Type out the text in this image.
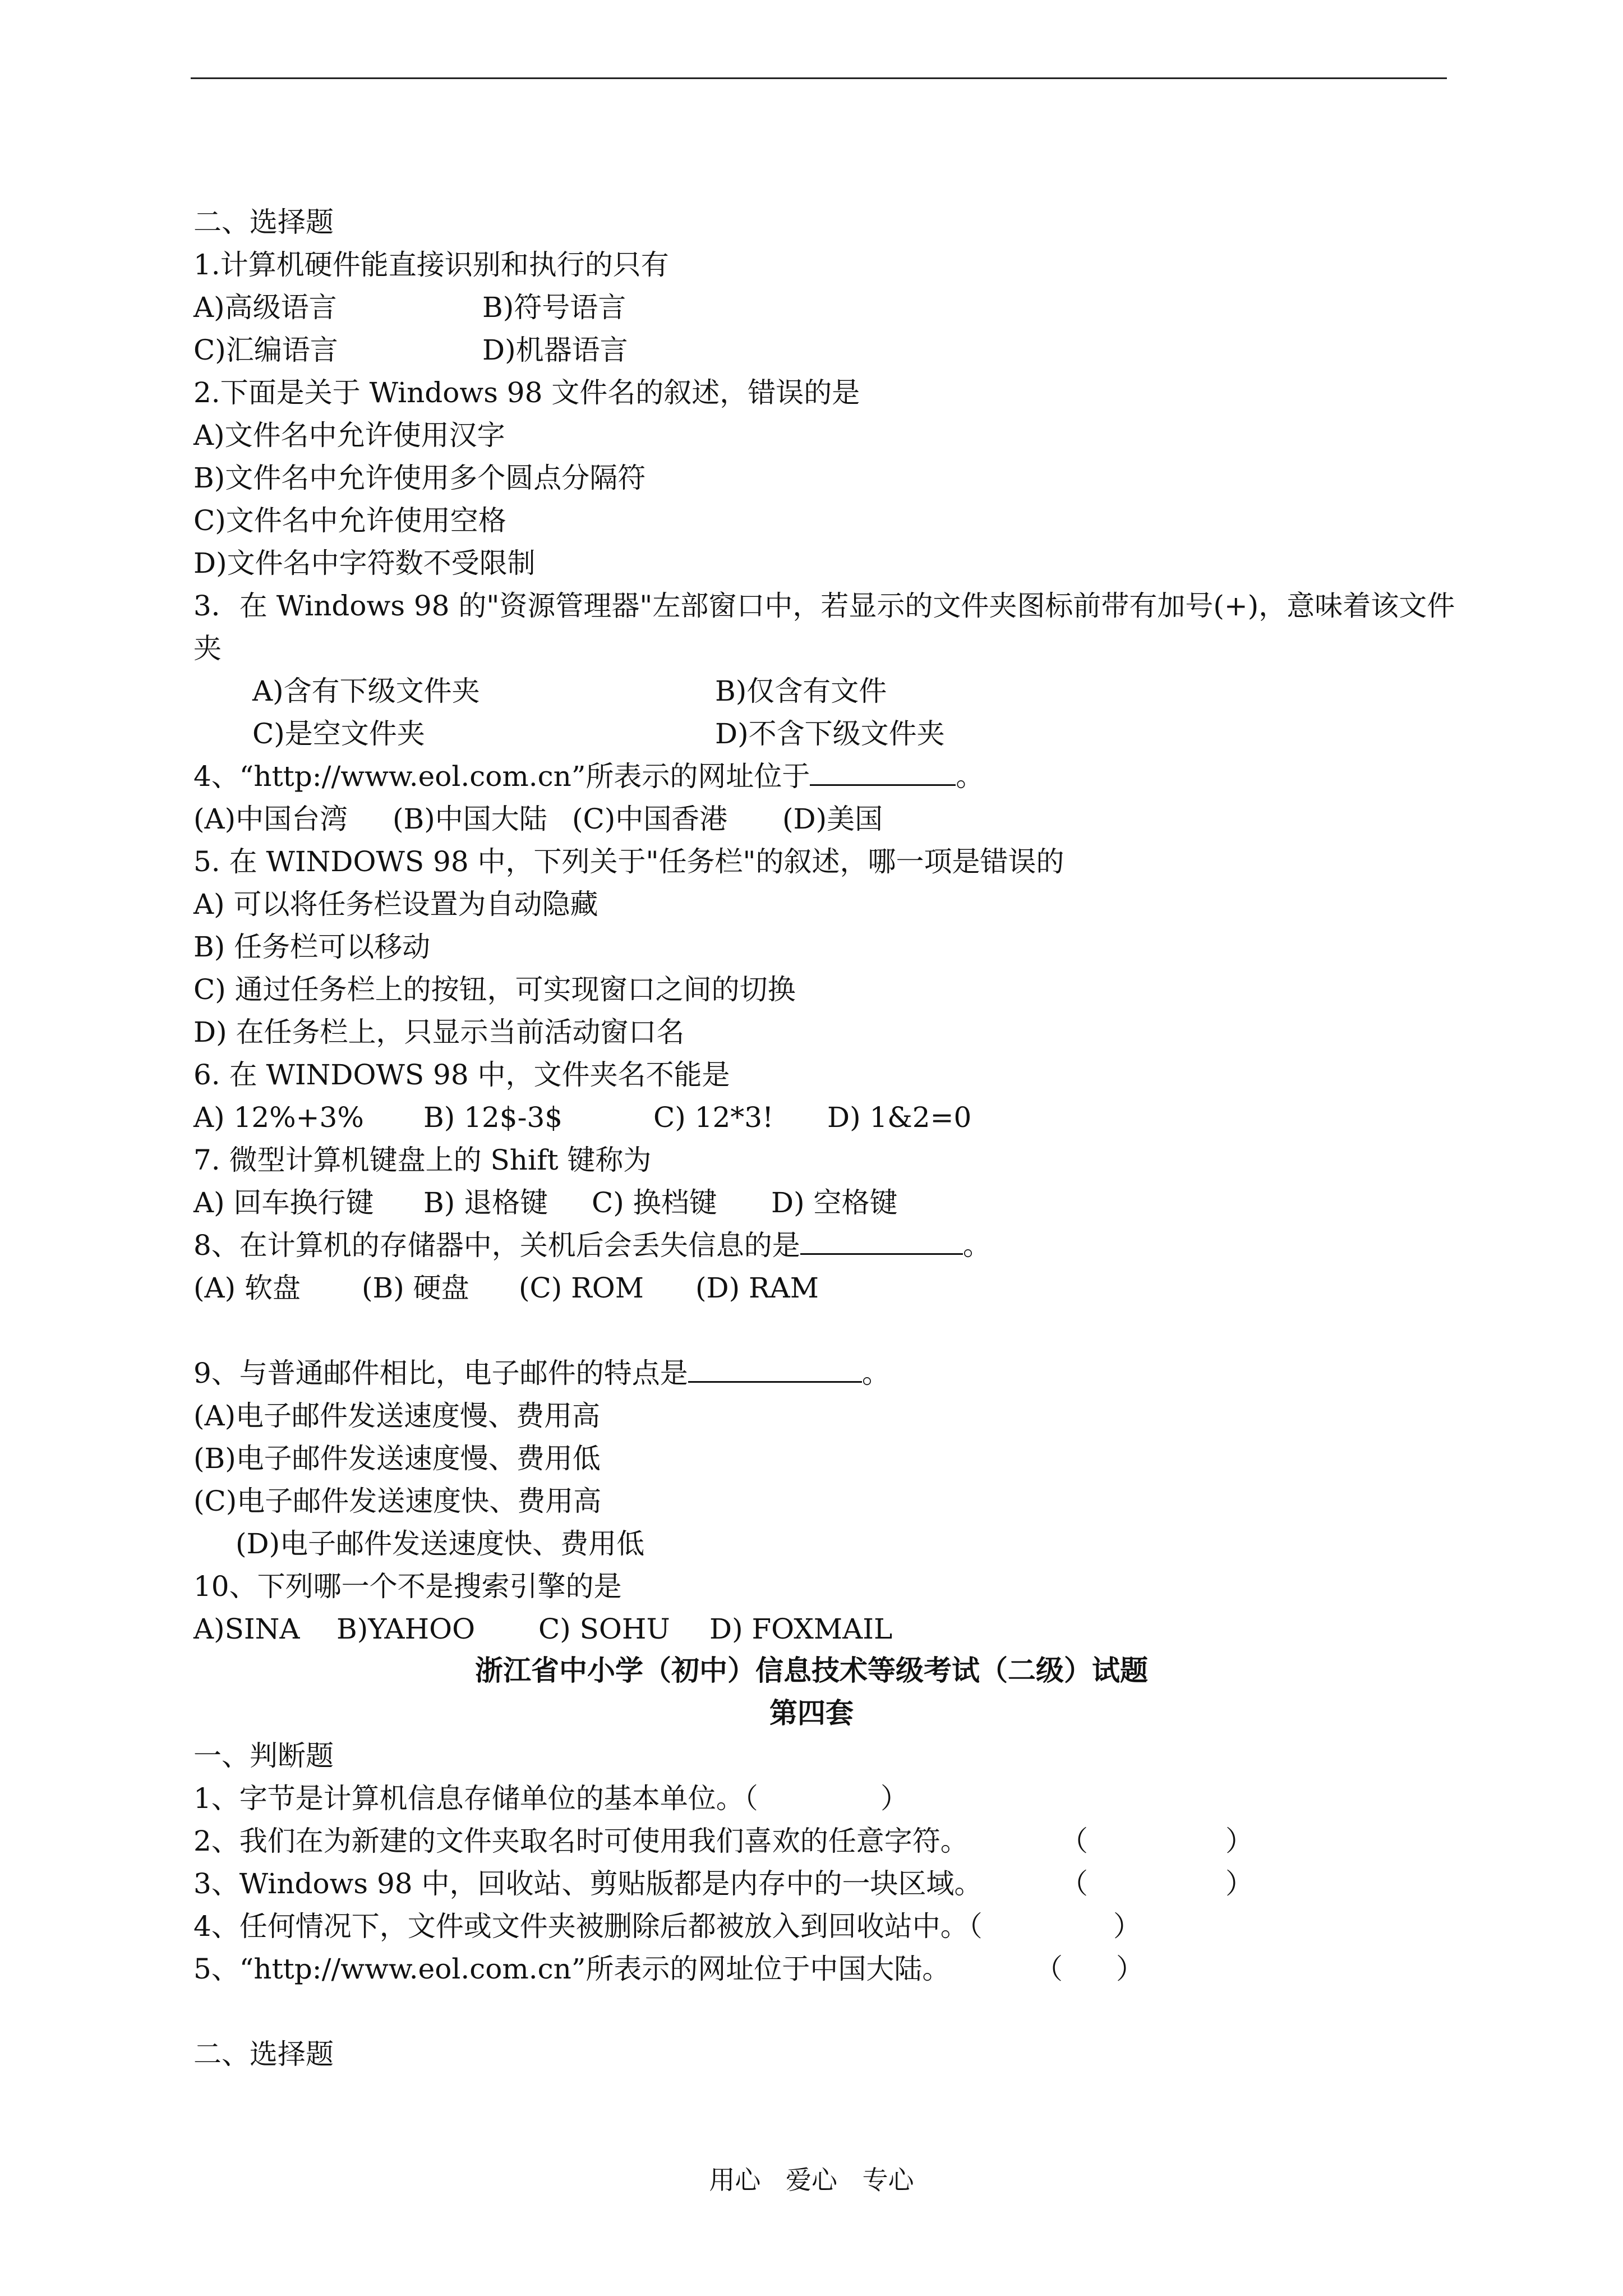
二、选择题
1.计算机硬件能直接识别和执行的只有
A)高级语言	B)符号语言
C)汇编语言	D)机器语言
2.下面是关于 Windows 98 文件名的叙述，错误的是
A)文件名中允许使用汉字
B)文件名中允许使用多个圆点分隔符
C)文件名中允许使用空格
D)文件名中字符数不受限制
3．在 Windows 98 的"资源管理器"左部窗口中，若显示的文件夹图标前带有加号(+)，意味着该文件
夹
A)含有下级文件夹	B)仅含有文件
C)是空文件夹	D)不含下级文件夹
4、“http://www.eol.com.cn”所表示的网址位于	。
(A)中国台湾 (B)中国大陆 (C)中国香港 (D)美国
5. 在 WINDOWS 98 中，下列关于"任务栏"的叙述，哪一项是错误的
A) 可以将任务栏设置为自动隐藏
B) 任务栏可以移动
C) 通过任务栏上的按钮，可实现窗口之间的切换
D) 在任务栏上，只显示当前活动窗口名
6. 在 WINDOWS 98 中，文件夹名不能是
A) 12%+3% B) 12$-3$	C) 12*3! D) 1&2=0
7. 微型计算机键盘上的 Shift 键称为
A) 回车换行键 B) 退格键 C) 换档键 D) 空格键
8、在计算机的存储器中，关机后会丢失信息的是	。
(A) 软盘 (B) 硬盘 (C) ROM (D) RAM
9、与普通邮件相比，电子邮件的特点是	。
(A)电子邮件发送速度慢、费用高
(B)电子邮件发送速度慢、费用低
(C)电子邮件发送速度快、费用高
(D)电子邮件发送速度快、费用低
10、下列哪一个不是搜索引擎的是
A)SINA B)YAHOO C) SOHU D) FOXMAIL
浙江省中小学（初中）信息技术等级考试（二级）试题
第四套
一、判断题
1、字节是计算机信息存储单位的基本单位。（	）
2、我们在为新建的文件夹取名时可使用我们喜欢的任意字符。	（	）
3、Windows 98 中，回收站、剪贴版都是内存中的一块区域。	（	）
4、任何情况下，文件或文件夹被删除后都被放入到回收站中。（	）
5、“http://www.eol.com.cn”所表示的网址位于中国大陆。	（ ）
二、选择题
用心 爱心 专心
